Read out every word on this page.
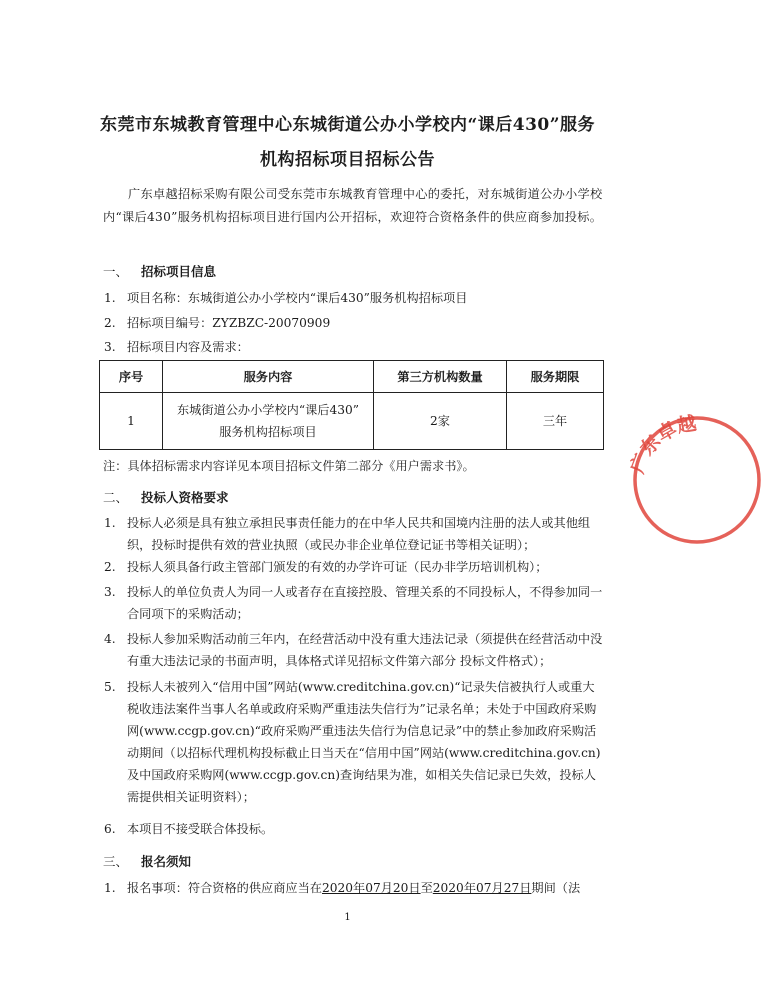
东莞市东城教育管理中心东城街道公办小学校内“课后430”服务
机构招标项目招标公告
广东卓越招标采购有限公司受东莞市东城教育管理中心的委托，对东城街道公办小学校内“课后430”服务机构招标项目进行国内公开招标，欢迎符合资格条件的供应商参加投标。
一、 招标项目信息
1. 项目名称：东城街道公办小学校内“课后430”服务机构招标项目
2. 招标项目编号：ZYZBZC-20070909
3. 招标项目内容及需求：
序号	服务内容	第三方机构数量	服务期限
1	东城街道公办小学校内“课后430”
服务机构招标项目	2家	三年
注：具体招标需求内容详见本项目招标文件第二部分《用户需求书》。
二、 投标人资格要求
1. 投标人必须是具有独立承担民事责任能力的在中华人民共和国境内注册的法人或其他组织，投标时提供有效的营业执照（或民办非企业单位登记证书等相关证明）；
2. 投标人须具备行政主管部门颁发的有效的办学许可证（民办非学历培训机构）；
3. 投标人的单位负责人为同一人或者存在直接控股、管理关系的不同投标人，不得参加同一合同项下的采购活动；
4. 投标人参加采购活动前三年内，在经营活动中没有重大违法记录（须提供在经营活动中没有重大违法记录的书面声明，具体格式详见招标文件第六部分 投标文件格式）；
5. 投标人未被列入“信用中国”网站(www.creditchina.gov.cn)“记录失信被执行人或重大税收违法案件当事人名单或政府采购严重违法失信行为”记录名单；未处于中国政府采购网(www.ccgp.gov.cn)“政府采购严重违法失信行为信息记录”中的禁止参加政府采购活动期间（以招标代理机构投标截止日当天在“信用中国”网站(www.creditchina.gov.cn)及中国政府采购网(www.ccgp.gov.cn)查询结果为准，如相关失信记录已失效，投标人需提供相关证明资料）；
6. 本项目不接受联合体投标。
三、 报名须知
1. 报名事项：符合资格的供应商应当在2020年07月20日至2020年07月27日期间（法
1
广东卓越
